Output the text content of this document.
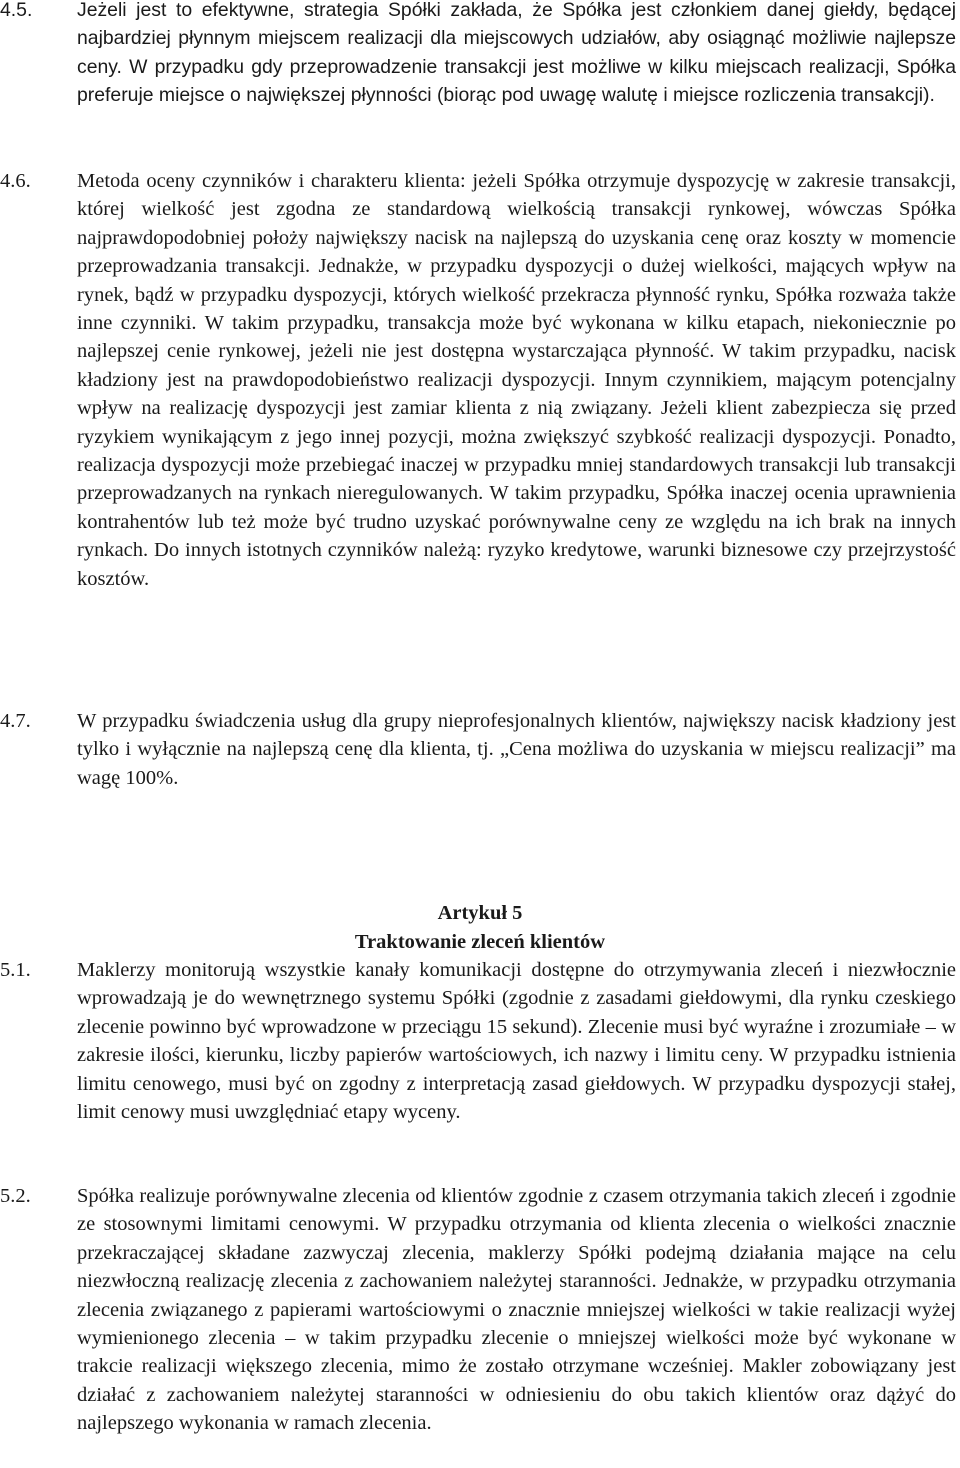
4.5.	Jeżeli jest to efektywne, strategia Spółki zakłada, że Spółka jest członkiem danej giełdy, będącej najbardziej płynnym miejscem realizacji dla miejscowych udziałów, aby osiągnąć możliwie najlepsze ceny. W przypadku gdy przeprowadzenie transakcji jest możliwe w kilku miejscach realizacji, Spółka preferuje miejsce o największej płynności (biorąc pod uwagę walutę i miejsce rozliczenia transakcji).
4.6.	Metoda oceny czynników i charakteru klienta: jeżeli Spółka otrzymuje dyspozycję w zakresie transakcji, której wielkość jest zgodna ze standardową wielkością transakcji rynkowej, wówczas Spółka najprawdopodobniej położy największy nacisk na najlepszą do uzyskania cenę oraz koszty w momencie przeprowadzania transakcji. Jednakże, w przypadku dyspozycji o dużej wielkości, mających wpływ na rynek, bądź w przypadku dyspozycji, których wielkość przekracza płynność rynku, Spółka rozważa także inne czynniki. W takim przypadku, transakcja może być wykonana w kilku etapach, niekoniecznie po najlepszej cenie rynkowej, jeżeli nie jest dostępna wystarczająca płynność. W takim przypadku, nacisk kładziony jest na prawdopodobieństwo realizacji dyspozycji. Innym czynnikiem, mającym potencjalny wpływ na realizację dyspozycji jest zamiar klienta z nią związany. Jeżeli klient zabezpiecza się przed ryzykiem wynikającym z jego innej pozycji, można zwiększyć szybkość realizacji dyspozycji. Ponadto, realizacja dyspozycji może przebiegać inaczej w przypadku mniej standardowych transakcji lub transakcji przeprowadzanych na rynkach nieregulowanych. W takim przypadku, Spółka inaczej ocenia uprawnienia kontrahentów lub też może być trudno uzyskać porównywalne ceny ze względu na ich brak na innych rynkach. Do innych istotnych czynników należą: ryzyko kredytowe, warunki biznesowe czy przejrzystość kosztów.
4.7.	W przypadku świadczenia usług dla grupy nieprofesjonalnych klientów, największy nacisk kładziony jest tylko i wyłącznie na najlepszą cenę dla klienta, tj. „Cena możliwa do uzyskania w miejscu realizacji” ma wagę 100%.
Artykuł 5
Traktowanie zleceń klientów
5.1.	Maklerzy monitorują wszystkie kanały komunikacji dostępne do otrzymywania zleceń i niezwłocznie wprowadzają je do wewnętrznego systemu Spółki (zgodnie z zasadami giełdowymi, dla rynku czeskiego zlecenie powinno być wprowadzone w przeciągu 15 sekund). Zlecenie musi być wyraźne i zrozumiałe – w zakresie ilości, kierunku, liczby papierów wartościowych, ich nazwy i limitu ceny. W przypadku istnienia limitu cenowego, musi być on zgodny z interpretacją zasad giełdowych. W przypadku dyspozycji stałej, limit cenowy musi uwzględniać etapy wyceny.
5.2.	Spółka realizuje porównywalne zlecenia od klientów zgodnie z czasem otrzymania takich zleceń i zgodnie ze stosownymi limitami cenowymi. W przypadku otrzymania od klienta zlecenia o wielkości znacznie przekraczającej składane zazwyczaj zlecenia, maklerzy Spółki podejmą działania mające na celu niezwłoczną realizację zlecenia z zachowaniem należytej staranności. Jednakże, w przypadku otrzymania zlecenia związanego z papierami wartościowymi o znacznie mniejszej wielkości w takie realizacji wyżej wymienionego zlecenia – w takim przypadku zlecenie o mniejszej wielkości może być wykonane w trakcie realizacji większego zlecenia, mimo że zostało otrzymane wcześniej. Makler zobowiązany jest działać z zachowaniem należytej staranności w odniesieniu do obu takich klientów oraz dążyć do najlepszego wykonania w ramach zlecenia.
